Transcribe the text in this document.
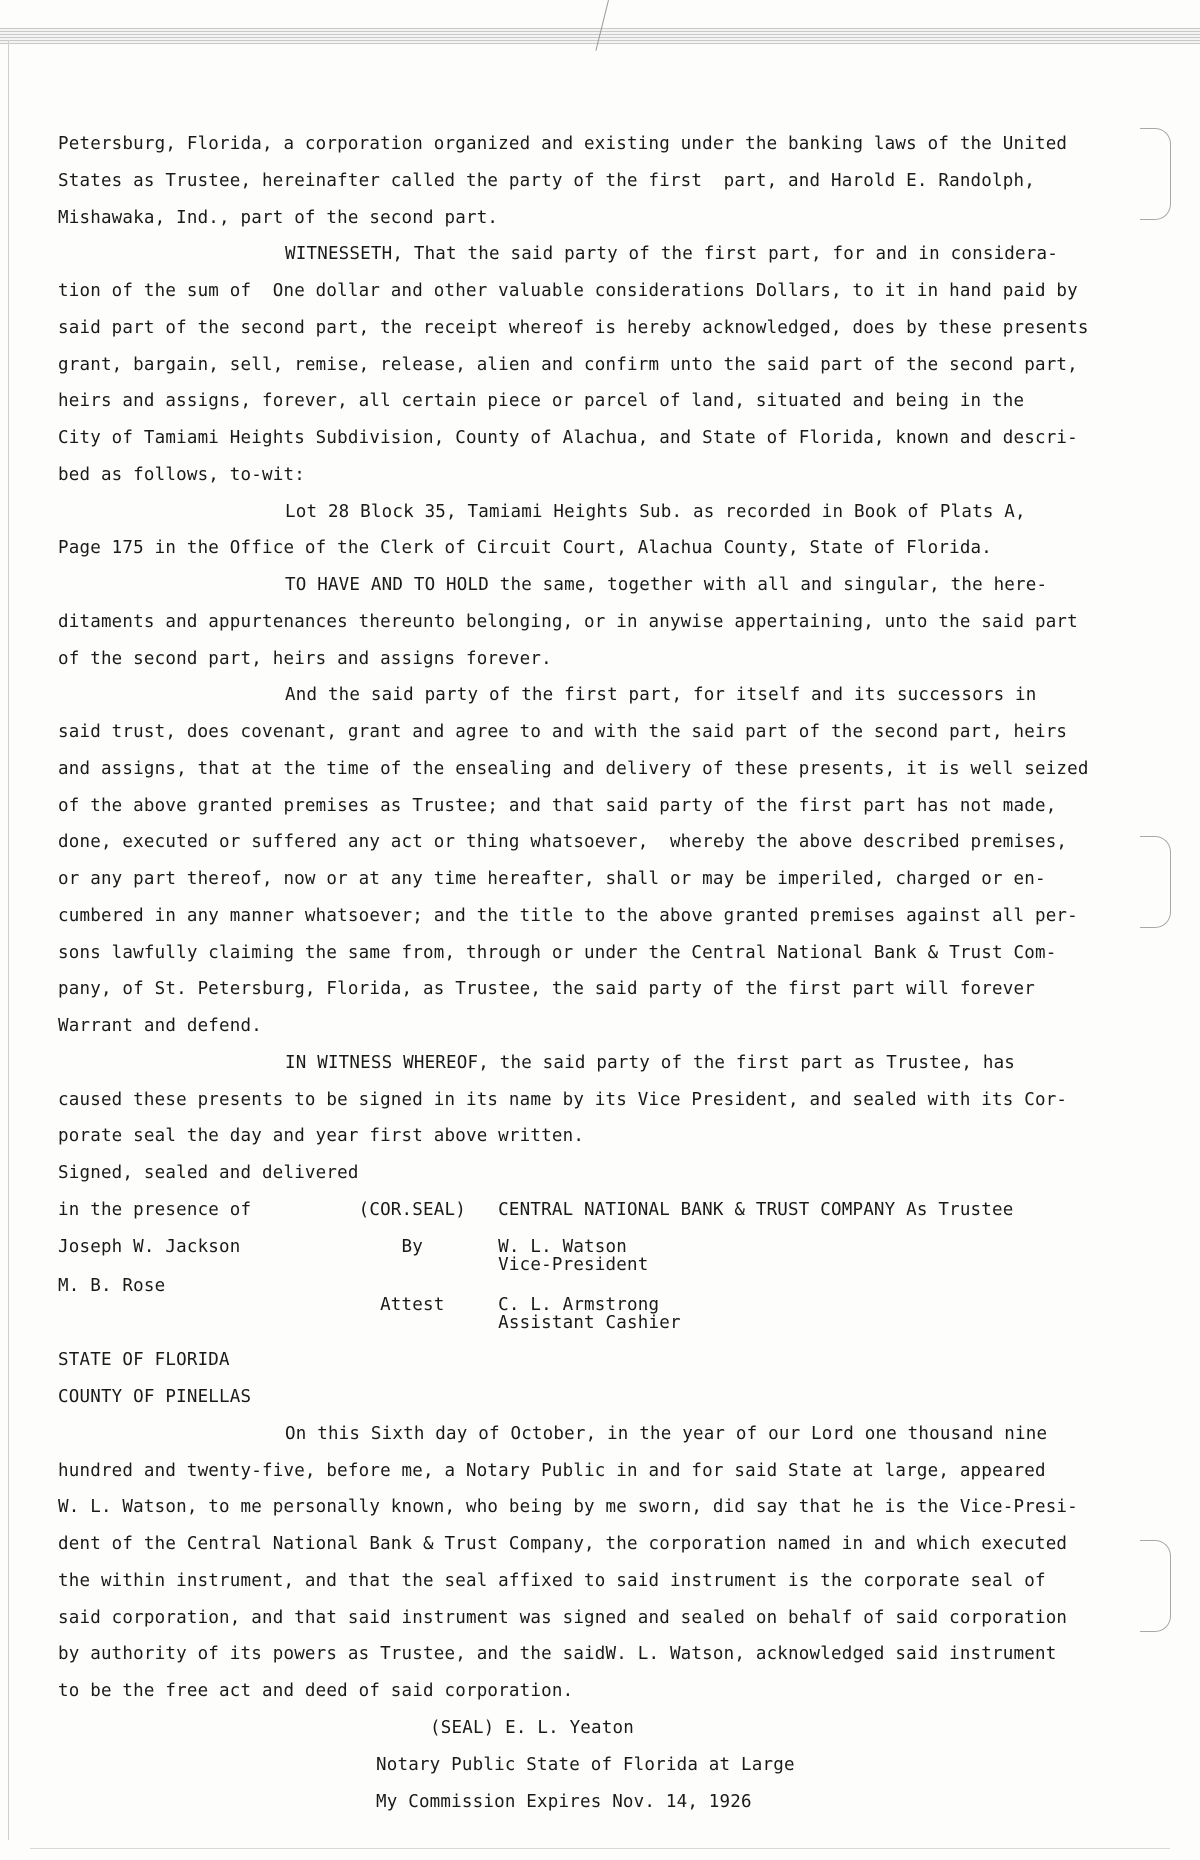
Petersburg, Florida, a corporation organized and existing under the banking laws of the United
States as Trustee, hereinafter called the party of the first  part, and Harold E. Randolph,
Mishawaka, Ind., part of the second part.
WITNESSETH, That the said party of the first part, for and in considera-
tion of the sum of  One dollar and other valuable considerations Dollars, to it in hand paid by
said part of the second part, the receipt whereof is hereby acknowledged, does by these presents
grant, bargain, sell, remise, release, alien and confirm unto the said part of the second part,
heirs and assigns, forever, all certain piece or parcel of land, situated and being in the
City of Tamiami Heights Subdivision, County of Alachua, and State of Florida, known and descri-
bed as follows, to-wit:
Lot 28 Block 35, Tamiami Heights Sub. as recorded in Book of Plats A,
Page 175 in the Office of the Clerk of Circuit Court, Alachua County, State of Florida.
TO HAVE AND TO HOLD the same, together with all and singular, the here-
ditaments and appurtenances thereunto belonging, or in anywise appertaining, unto the said part
of the second part, heirs and assigns forever.
And the said party of the first part, for itself and its successors in
said trust, does covenant, grant and agree to and with the said part of the second part, heirs
and assigns, that at the time of the ensealing and delivery of these presents, it is well seized
of the above granted premises as Trustee; and that said party of the first part has not made,
done, executed or suffered any act or thing whatsoever,  whereby the above described premises,
or any part thereof, now or at any time hereafter, shall or may be imperiled, charged or en-
cumbered in any manner whatsoever; and the title to the above granted premises against all per-
sons lawfully claiming the same from, through or under the Central National Bank & Trust Com-
pany, of St. Petersburg, Florida, as Trustee, the said party of the first part will forever
Warrant and defend.
IN WITNESS WHEREOF, the said party of the first part as Trustee, has
caused these presents to be signed in its name by its Vice President, and sealed with its Cor-
porate seal the day and year first above written.
Signed, sealed and delivered
in the presence of          (COR.SEAL)   CENTRAL NATIONAL BANK & TRUST COMPANY As Trustee
Joseph W. Jackson               By       W. L. Watson
Vice-President
M. B. Rose
Attest     C. L. Armstrong
Assistant Cashier
STATE OF FLORIDA
COUNTY OF PINELLAS
On this Sixth day of October, in the year of our Lord one thousand nine
hundred and twenty-five, before me, a Notary Public in and for said State at large, appeared
W. L. Watson, to me personally known, who being by me sworn, did say that he is the Vice-Presi-
dent of the Central National Bank & Trust Company, the corporation named in and which executed
the within instrument, and that the seal affixed to said instrument is the corporate seal of
said corporation, and that said instrument was signed and sealed on behalf of said corporation
by authority of its powers as Trustee, and the saidW. L. Watson, acknowledged said instrument
to be the free act and deed of said corporation.
(SEAL) E. L. Yeaton
Notary Public State of Florida at Large
My Commission Expires Nov. 14, 1926
